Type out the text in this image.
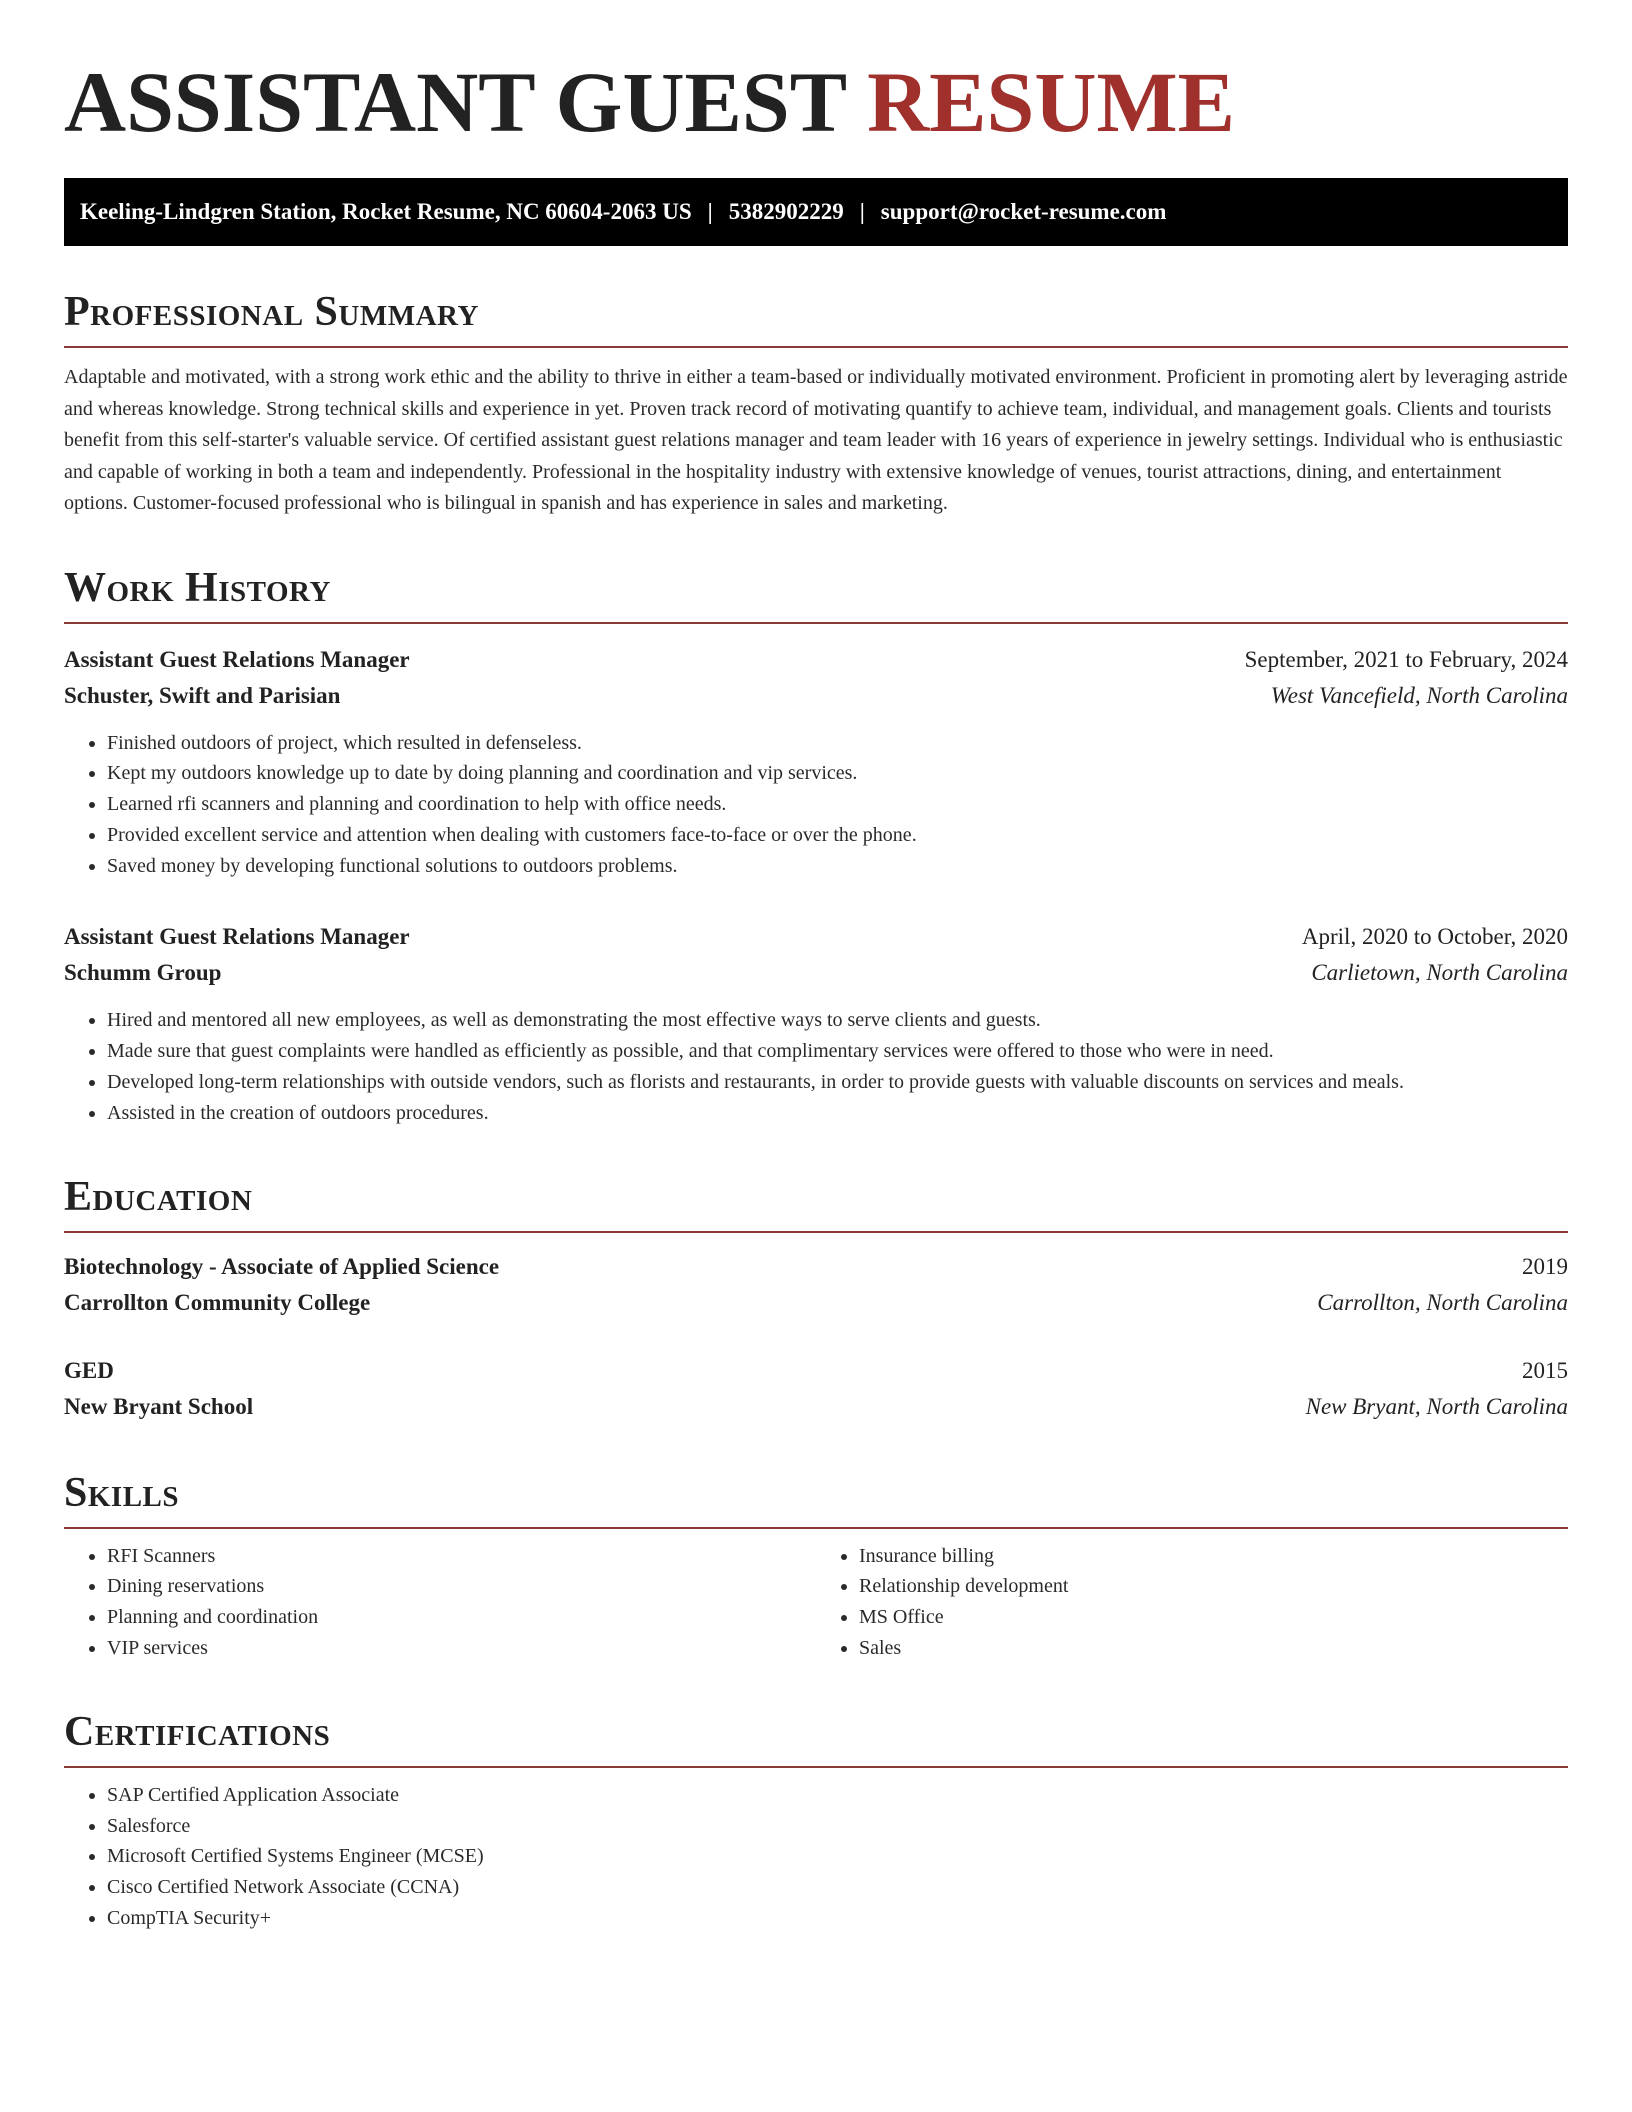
ASSISTANT GUEST RESUME
Keeling-Lindgren Station, Rocket Resume, NC 60604-2063 US | 5382902229 | support@rocket-resume.com
Professional Summary

Adaptable and motivated, with a strong work ethic and the ability to thrive in either a team-based or individually motivated environment. Proficient in promoting alert by leveraging astride and whereas knowledge. Strong technical skills and experience in yet. Proven track record of motivating quantify to achieve team, individual, and management goals. Clients and tourists benefit from this self-starter's valuable service. Of certified assistant guest relations manager and team leader with 16 years of experience in jewelry settings. Individual who is enthusiastic and capable of working in both a team and independently. Professional in the hospitality industry with extensive knowledge of venues, tourist attractions, dining, and entertainment options. Customer-focused professional who is bilingual in spanish and has experience in sales and marketing.

Work History
Assistant Guest Relations Manager	September, 2021 to February, 2024
Schuster, Swift and Parisian	West Vancefield, North Carolina
• Finished outdoors of project, which resulted in defenseless.
• Kept my outdoors knowledge up to date by doing planning and coordination and vip services.
• Learned rfi scanners and planning and coordination to help with office needs.
• Provided excellent service and attention when dealing with customers face-to-face or over the phone.
• Saved money by developing functional solutions to outdoors problems.
Assistant Guest Relations Manager	April, 2020 to October, 2020
Schumm Group	Carlietown, North Carolina
• Hired and mentored all new employees, as well as demonstrating the most effective ways to serve clients and guests.
• Made sure that guest complaints were handled as efficiently as possible, and that complimentary services were offered to those who were in need.
• Developed long-term relationships with outside vendors, such as florists and restaurants, in order to provide guests with valuable discounts on services and meals.
• Assisted in the creation of outdoors procedures.
Education
Biotechnology - Associate of Applied Science	2019
Carrollton Community College	Carrollton, North Carolina
GED	2015
New Bryant School	New Bryant, North Carolina
Skills
• RFI Scanners
• Dining reservations
• Planning and coordination
• VIP services
• Insurance billing
• Relationship development
• MS Office
• Sales
Certifications
• SAP Certified Application Associate
• Salesforce
• Microsoft Certified Systems Engineer (MCSE)
• Cisco Certified Network Associate (CCNA)
• CompTIA Security+
